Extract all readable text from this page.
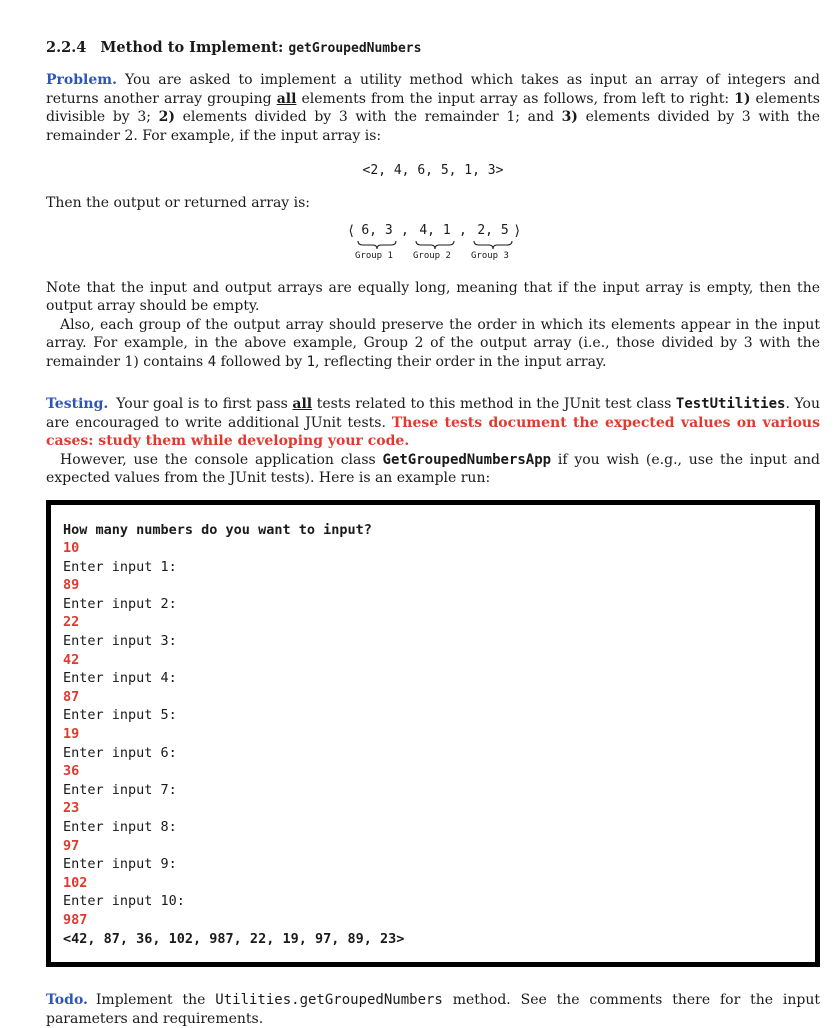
2.2.4 Method to Implement: getGroupedNumbers

Problem. You are asked to implement a utility method which takes as input an array of integers and returns another array grouping all elements from the input array as follows, from left to right: 1) elements divisible by 3; 2) elements divided by 3 with the remainder 1; and 3) elements divided by 3 with the remainder 2. For example, if the input array is:

<2, 4, 6, 5, 1, 3>

Then the output or returned array is:

⟨ 6, 3
Group 1
, 4, 1
Group 2
, 2, 5
Group 3
⟩

Note that the input and output arrays are equally long, meaning that if the input array is empty, then the output array should be empty.

Also, each group of the output array should preserve the order in which its elements appear in the input array. For example, in the above example, Group 2 of the output array (i.e., those divided by 3 with the remainder 1) contains 4 followed by 1, reflecting their order in the input array.

Testing. Your goal is to first pass all tests related to this method in the JUnit test class TestUtilities. You are encouraged to write additional JUnit tests. These tests document the expected values on various cases: study them while developing your code.

However, use the console application class GetGroupedNumbersApp if you wish (e.g., use the input and expected values from the JUnit tests). Here is an example run:

How many numbers do you want to input?
10
Enter input 1:
89
Enter input 2:
22
Enter input 3:
42
Enter input 4:
87
Enter input 5:
19
Enter input 6:
36
Enter input 7:
23
Enter input 8:
97
Enter input 9:
102
Enter input 10:
987
<42, 87, 36, 102, 987, 22, 19, 97, 89, 23>

Todo. Implement the Utilities.getGroupedNumbers method. See the comments there for the input parameters and requirements.
